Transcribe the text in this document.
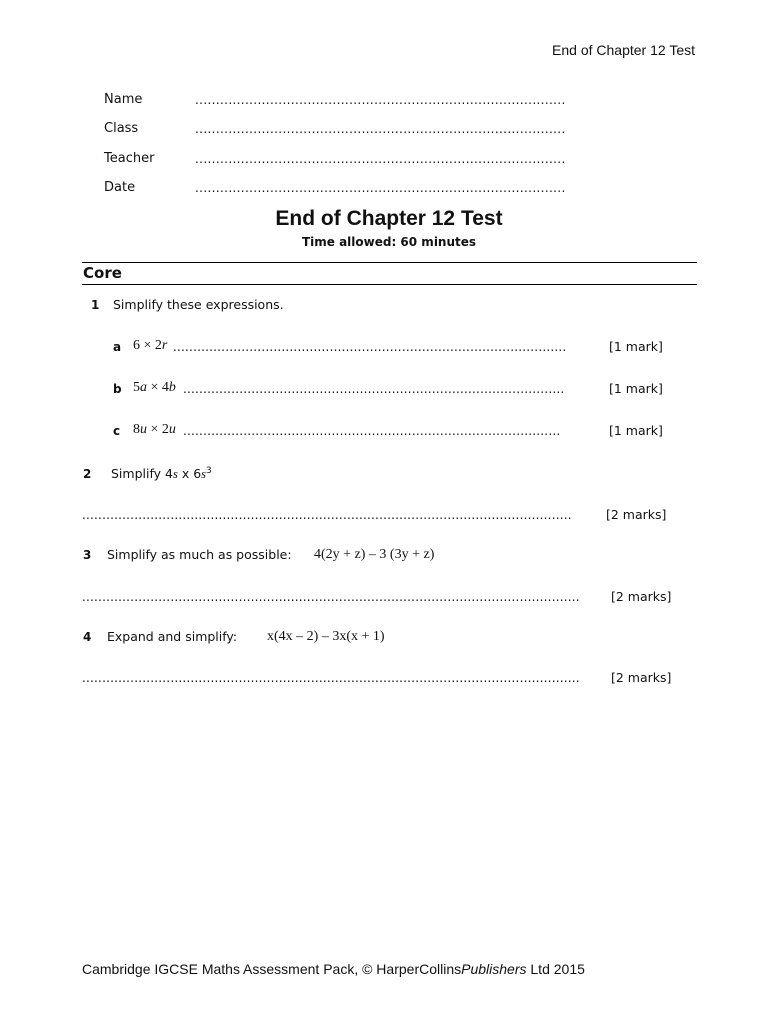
End of Chapter 12 Test
Name	.........................................................................................
Class	.........................................................................................
Teacher	.........................................................................................
Date	.........................................................................................
End of Chapter 12 Test
Time allowed: 60 minutes
Core
1 Simplify these expressions.
a 6 × 2r ..................................................................................................	[1 mark]
b 5a × 4b ...............................................................................................	[1 mark]
c 8u × 2u ..............................................................................................	[1 mark]
2 Simplify 4s x $6s^3$
..........................................................................................................................	[2 marks]
3 Simplify as much as possible: 4(2y + z) – 3 (3y + z)
............................................................................................................................ [2 marks]
4 Expand and simplify: x(4x – 2) – 3x(x + 1)
............................................................................................................................ [2 marks]
Cambridge IGCSE Maths Assessment Pack, © HarperCollinsPublishers Ltd 2015
